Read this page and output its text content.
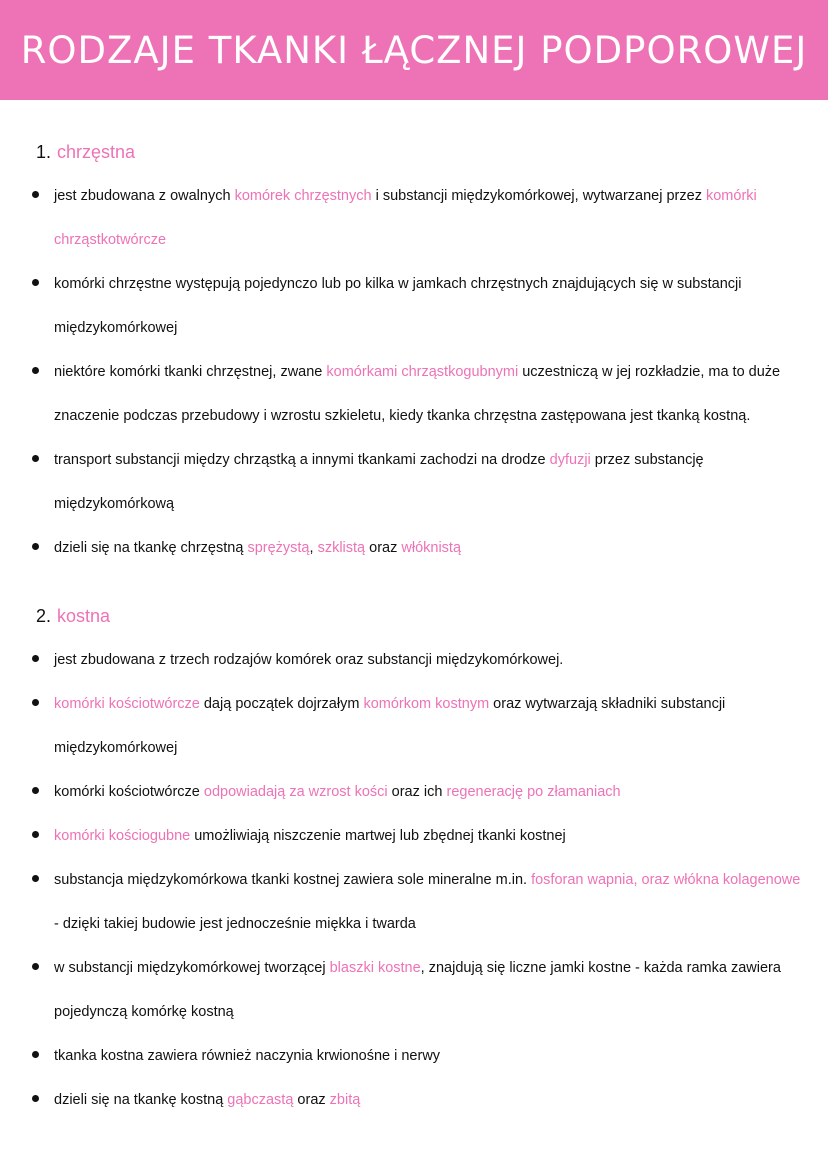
RODZAJE TKANKI ŁĄCZNEJ PODPOROWEJ
1. chrzęstna
jest zbudowana z owalnych komórek chrzęstnych i substancji międzykomórkowej, wytwarzanej przez komórki chrząstkotwórcze
komórki chrzęstne występują pojedynczo lub po kilka w jamkach chrzęstnych znajdujących się w substancji międzykomórkowej
niektóre komórki tkanki chrzęstnej, zwane komórkami chrząstkogubnymi uczestniczą w jej rozkładzie, ma to duże znaczenie podczas przebudowy i wzrostu szkieletu, kiedy tkanka chrzęstna zastępowana jest tkanką kostną.
transport substancji między chrząstką a innymi tkankami zachodzi na drodze dyfuzji przez substancję międzykomórkową
dzieli się na tkankę chrzęstną sprężystą, szklistą oraz włóknistą
2. kostna
jest zbudowana z trzech rodzajów komórek oraz substancji międzykomórkowej.
komórki kościotwórcze dają początek dojrzałym komórkom kostnym oraz wytwarzają składniki substancji międzykomórkowej
komórki kościotwórcze odpowiadają za wzrost kości oraz ich regenerację po złamaniach
komórki kościogubne umożliwiają niszczenie martwej lub zbędnej tkanki kostnej
substancja międzykomórkowa tkanki kostnej zawiera sole mineralne m.in. fosforan wapnia, oraz włókna kolagenowe - dzięki takiej budowie jest jednocześnie miękka i twarda
w substancji międzykomórkowej tworzącej blaszki kostne, znajdują się liczne jamki kostne - każda ramka zawiera pojedynczą komórkę kostną
tkanka kostna zawiera również naczynia krwionośne i nerwy
dzieli się na tkankę kostną gąbczastą oraz zbitą
